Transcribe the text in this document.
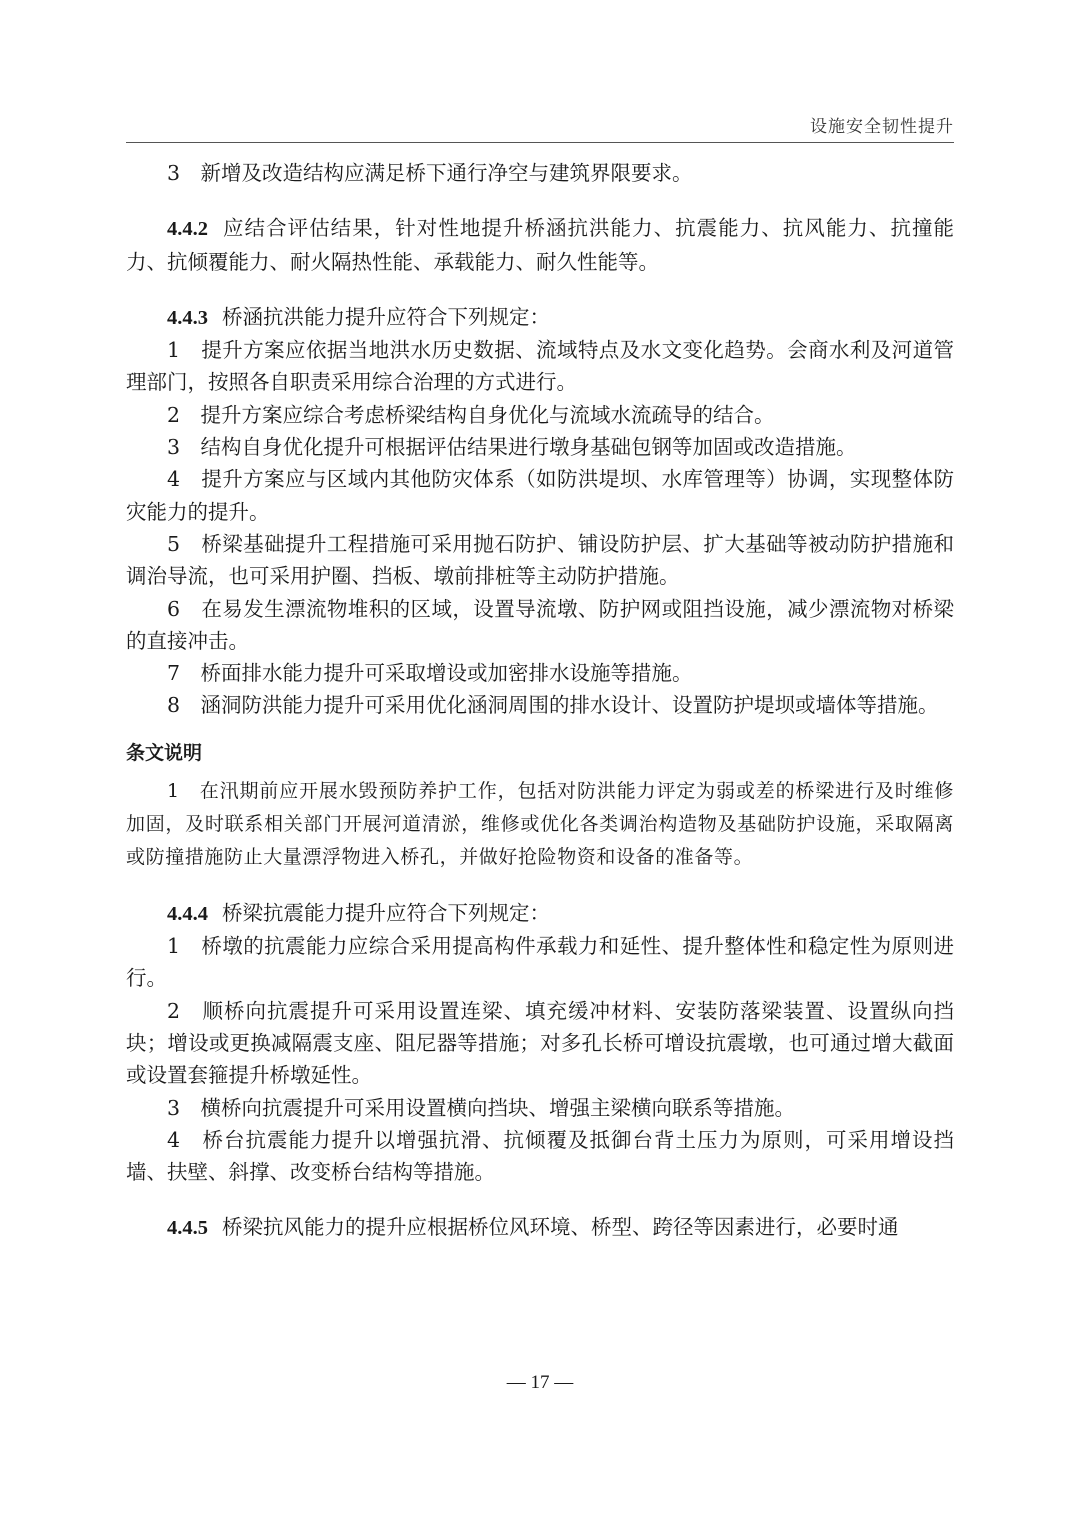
设施安全韧性提升

3　新增及改造结构应满足桥下通行净空与建筑界限要求。

4.4.2 应结合评估结果，针对性地提升桥涵抗洪能力、抗震能力、抗风能力、抗撞能力、抗倾覆能力、耐火隔热性能、承载能力、耐久性能等。

4.4.3 桥涵抗洪能力提升应符合下列规定：

1　提升方案应依据当地洪水历史数据、流域特点及水文变化趋势。会商水利及河道管理部门，按照各自职责采用综合治理的方式进行。

2　提升方案应综合考虑桥梁结构自身优化与流域水流疏导的结合。

3　结构自身优化提升可根据评估结果进行墩身基础包钢等加固或改造措施。

4　提升方案应与区域内其他防灾体系（如防洪堤坝、水库管理等）协调，实现整体防灾能力的提升。

5　桥梁基础提升工程措施可采用抛石防护、铺设防护层、扩大基础等被动防护措施和调治导流，也可采用护圈、挡板、墩前排桩等主动防护措施。

6　在易发生漂流物堆积的区域，设置导流墩、防护网或阻挡设施，减少漂流物对桥梁的直接冲击。

7　桥面排水能力提升可采取增设或加密排水设施等措施。

8　涵洞防洪能力提升可采用优化涵洞周围的排水设计、设置防护堤坝或墙体等措施。

条文说明

1　在汛期前应开展水毁预防养护工作，包括对防洪能力评定为弱或差的桥梁进行及时维修加固，及时联系相关部门开展河道清淤，维修或优化各类调治构造物及基础防护设施，采取隔离或防撞措施防止大量漂浮物进入桥孔，并做好抢险物资和设备的准备等。

4.4.4 桥梁抗震能力提升应符合下列规定：

1　桥墩的抗震能力应综合采用提高构件承载力和延性、提升整体性和稳定性为原则进行。

2　顺桥向抗震提升可采用设置连梁、填充缓冲材料、安装防落梁装置、设置纵向挡块；增设或更换减隔震支座、阻尼器等措施；对多孔长桥可增设抗震墩，也可通过增大截面或设置套箍提升桥墩延性。

3　横桥向抗震提升可采用设置横向挡块、增强主梁横向联系等措施。

4　桥台抗震能力提升以增强抗滑、抗倾覆及抵御台背土压力为原则，可采用增设挡墙、扶壁、斜撑、改变桥台结构等措施。

4.4.5 桥梁抗风能力的提升应根据桥位风环境、桥型、跨径等因素进行，必要时通

— 17 —
